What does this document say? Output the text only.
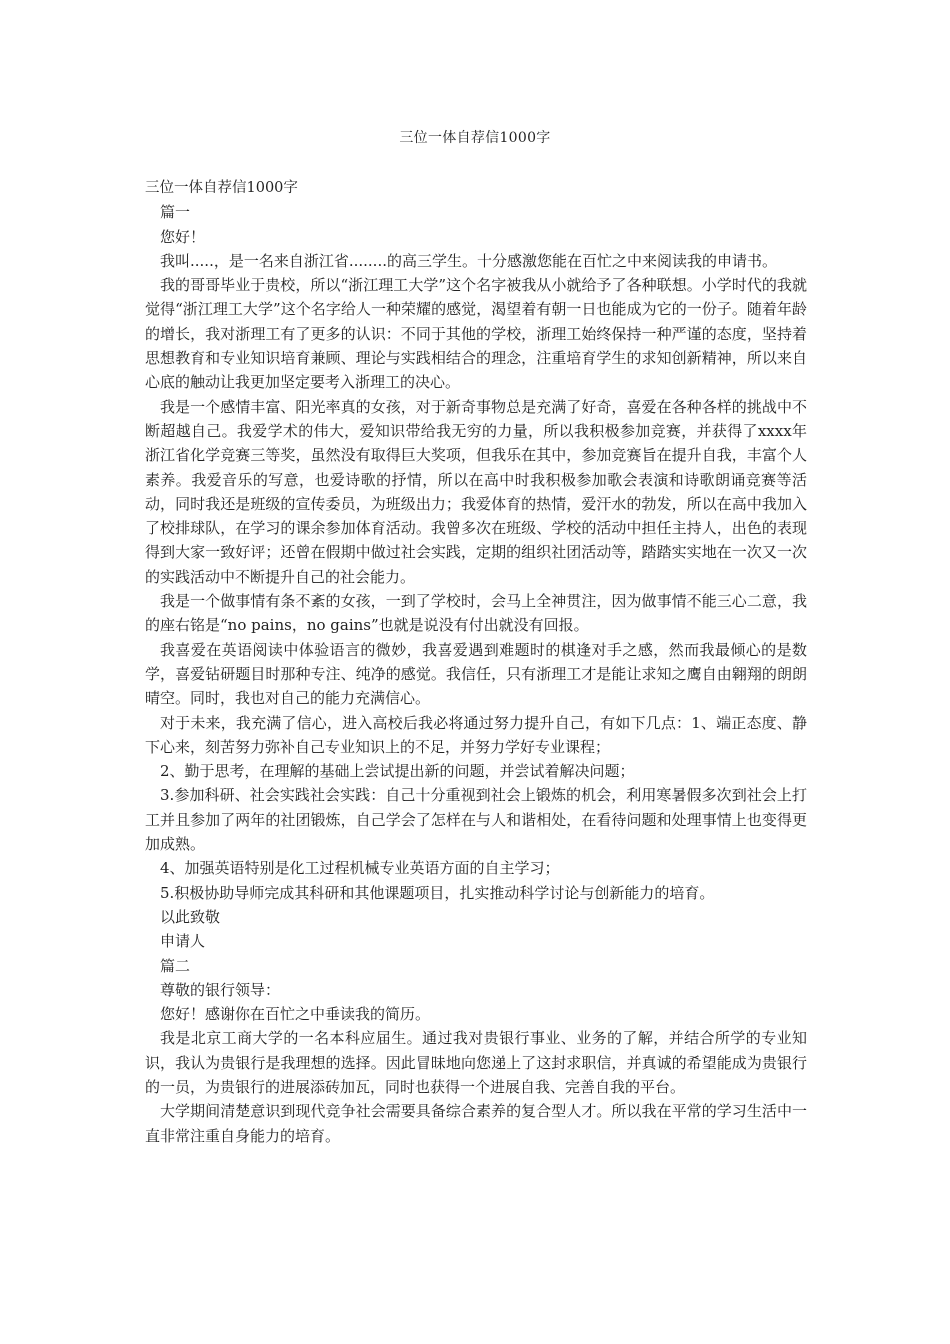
三位一体自荐信1000字

三位一体自荐信1000字

篇一

您好！

我叫.....，是一名来自浙江省........的高三学生。十分感激您能在百忙之中来阅读我的申请书。

我的哥哥毕业于贵校，所以“浙江理工大学”这个名字被我从小就给予了各种联想。小学时代的我就觉得“浙江理工大学”这个名字给人一种荣耀的感觉，渴望着有朝一日也能成为它的一份子。随着年龄的增长，我对浙理工有了更多的认识：不同于其他的学校，浙理工始终保持一种严谨的态度，坚持着思想教育和专业知识培育兼顾、理论与实践相结合的理念，注重培育学生的求知创新精神，所以来自心底的触动让我更加坚定要考入浙理工的决心。

我是一个感情丰富、阳光率真的女孩，对于新奇事物总是充满了好奇，喜爱在各种各样的挑战中不断超越自己。我爱学术的伟大，爱知识带给我无穷的力量，所以我积极参加竞赛，并获得了xxxx年浙江省化学竞赛三等奖，虽然没有取得巨大奖项，但我乐在其中，参加竞赛旨在提升自我，丰富个人素养。我爱音乐的写意，也爱诗歌的抒情，所以在高中时我积极参加歌会表演和诗歌朗诵竞赛等活动，同时我还是班级的宣传委员，为班级出力；我爱体育的热情，爱汗水的勃发，所以在高中我加入了校排球队，在学习的课余参加体育活动。我曾多次在班级、学校的活动中担任主持人，出色的表现得到大家一致好评；还曾在假期中做过社会实践，定期的组织社团活动等，踏踏实实地在一次又一次的实践活动中不断提升自己的社会能力。

我是一个做事情有条不紊的女孩，一到了学校时，会马上全神贯注，因为做事情不能三心二意，我的座右铭是“no pains，no gains”也就是说没有付出就没有回报。

我喜爱在英语阅读中体验语言的微妙，我喜爱遇到难题时的棋逢对手之感，然而我最倾心的是数学，喜爱钻研题目时那种专注、纯净的感觉。我信任，只有浙理工才是能让求知之鹰自由翱翔的朗朗晴空。同时，我也对自己的能力充满信心。

对于未来，我充满了信心，进入高校后我必将通过努力提升自己，有如下几点：1、端正态度、静下心来，刻苦努力弥补自己专业知识上的不足，并努力学好专业课程；

2、勤于思考，在理解的基础上尝试提出新的问题，并尝试着解决问题；

3.参加科研、社会实践社会实践：自己十分重视到社会上锻炼的机会，利用寒暑假多次到社会上打工并且参加了两年的社团锻炼，自己学会了怎样在与人和谐相处，在看待问题和处理事情上也变得更加成熟。

4、加强英语特别是化工过程机械专业英语方面的自主学习；

5.积极协助导师完成其科研和其他课题项目，扎实推动科学讨论与创新能力的培育。

以此致敬

申请人

篇二

尊敬的银行领导：

您好！感谢你在百忙之中垂读我的简历。

我是北京工商大学的一名本科应届生。通过我对贵银行事业、业务的了解，并结合所学的专业知识，我认为贵银行是我理想的选择。因此冒昧地向您递上了这封求职信，并真诚的希望能成为贵银行的一员，为贵银行的进展添砖加瓦，同时也获得一个进展自我、完善自我的平台。

大学期间清楚意识到现代竞争社会需要具备综合素养的复合型人才。所以我在平常的学习生活中一直非常注重自身能力的培育。
